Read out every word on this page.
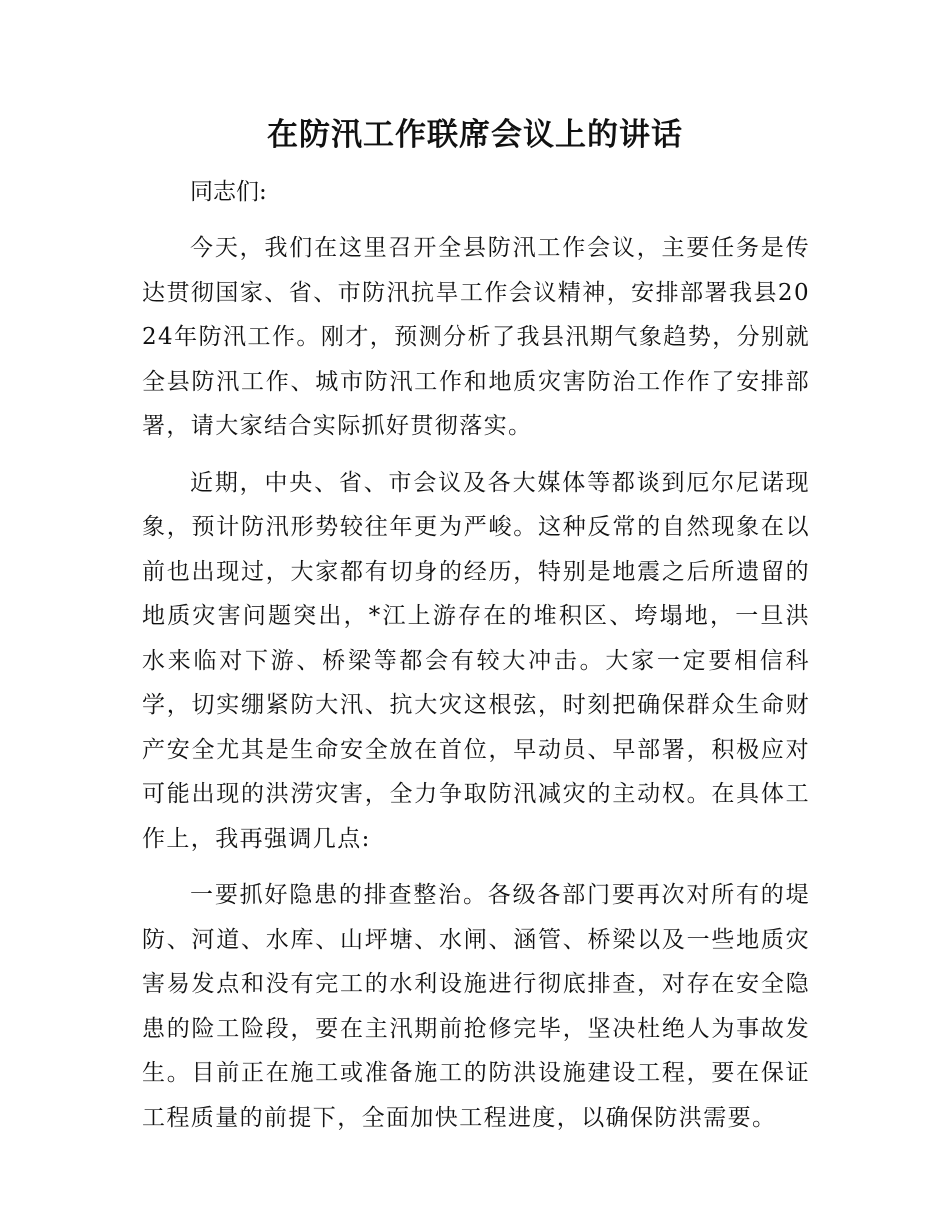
在防汛工作联席会议上的讲话

同志们:

今天，我们在这里召开全县防汛工作会议，主要任务是传达贯彻国家、省、市防汛抗旱工作会议精神，安排部署我县2024年防汛工作。刚才，预测分析了我县汛期气象趋势，分别就全县防汛工作、城市防汛工作和地质灾害防治工作作了安排部署，请大家结合实际抓好贯彻落实。

近期，中央、省、市会议及各大媒体等都谈到厄尔尼诺现象，预计防汛形势较往年更为严峻。这种反常的自然现象在以前也出现过，大家都有切身的经历，特别是地震之后所遗留的地质灾害问题突出，*江上游存在的堆积区、垮塌地，一旦洪水来临对下游、桥梁等都会有较大冲击。大家一定要相信科学，切实绷紧防大汛、抗大灾这根弦，时刻把确保群众生命财产安全尤其是生命安全放在首位，早动员、早部署，积极应对可能出现的洪涝灾害，全力争取防汛减灾的主动权。在具体工作上，我再强调几点:

一要抓好隐患的排查整治。各级各部门要再次对所有的堤防、河道、水库、山坪塘、水闸、涵管、桥梁以及一些地质灾害易发点和没有完工的水利设施进行彻底排查，对存在安全隐患的险工险段，要在主汛期前抢修完毕，坚决杜绝人为事故发生。目前正在施工或准备施工的防洪设施建设工程，要在保证工程质量的前提下，全面加快工程进度，以确保防洪需要。
